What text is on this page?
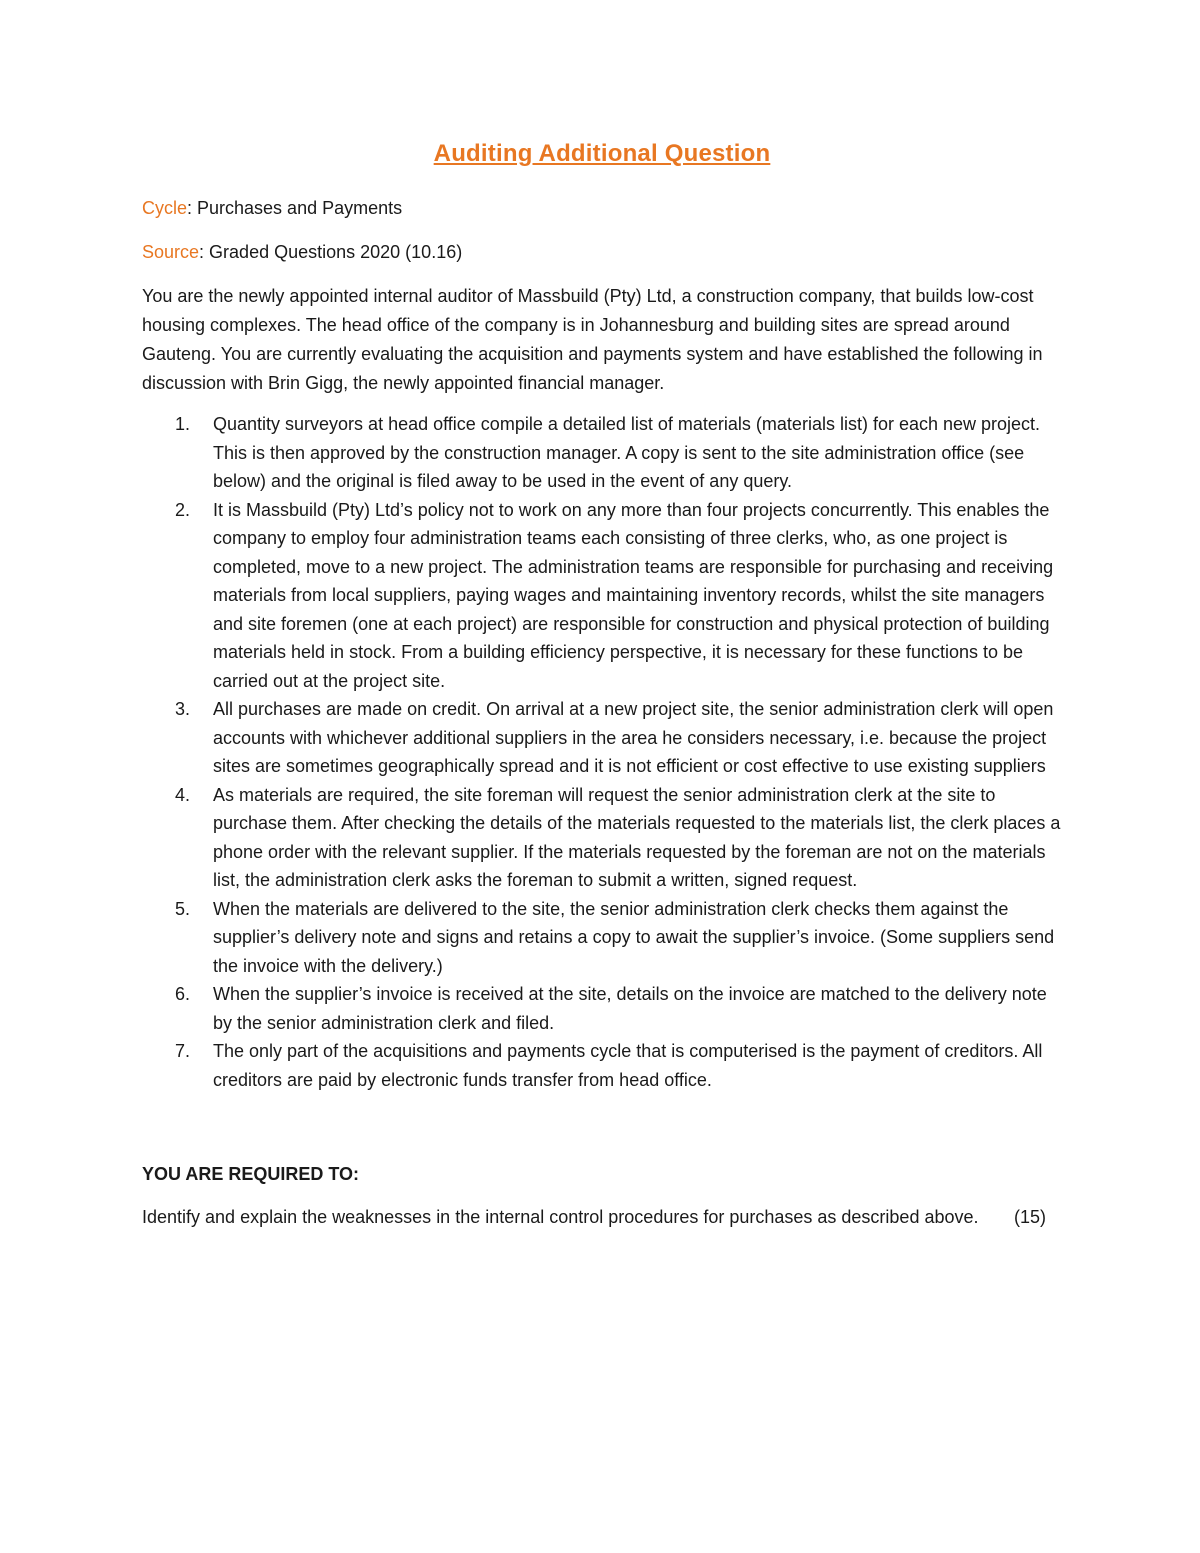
Auditing Additional Question

Cycle: Purchases and Payments

Source: Graded Questions 2020 (10.16)

You are the newly appointed internal auditor of Massbuild (Pty) Ltd, a construction company, that builds low-cost housing complexes. The head office of the company is in Johannesburg and building sites are spread around Gauteng. You are currently evaluating the acquisition and payments system and have established the following in discussion with Brin Gigg, the newly appointed financial manager.

1. Quantity surveyors at head office compile a detailed list of materials (materials list) for each new project. This is then approved by the construction manager. A copy is sent to the site administration office (see below) and the original is filed away to be used in the event of any query.
2. It is Massbuild (Pty) Ltd’s policy not to work on any more than four projects concurrently. This enables the company to employ four administration teams each consisting of three clerks, who, as one project is completed, move to a new project. The administration teams are responsible for purchasing and receiving materials from local suppliers, paying wages and maintaining inventory records, whilst the site managers and site foremen (one at each project) are responsible for construction and physical protection of building materials held in stock. From a building efficiency perspective, it is necessary for these functions to be carried out at the project site.
3. All purchases are made on credit. On arrival at a new project site, the senior administration clerk will open accounts with whichever additional suppliers in the area he considers necessary, i.e. because the project sites are sometimes geographically spread and it is not efficient or cost effective to use existing suppliers
4. As materials are required, the site foreman will request the senior administration clerk at the site to purchase them. After checking the details of the materials requested to the materials list, the clerk places a phone order with the relevant supplier. If the materials requested by the foreman are not on the materials list, the administration clerk asks the foreman to submit a written, signed request.
5. When the materials are delivered to the site, the senior administration clerk checks them against the supplier’s delivery note and signs and retains a copy to await the supplier’s invoice. (Some suppliers send the invoice with the delivery.)
6. When the supplier’s invoice is received at the site, details on the invoice are matched to the delivery note by the senior administration clerk and filed.
7. The only part of the acquisitions and payments cycle that is computerised is the payment of creditors. All creditors are paid by electronic funds transfer from head office.

YOU ARE REQUIRED TO:

Identify and explain the weaknesses in the internal control procedures for purchases as described above. (15)
